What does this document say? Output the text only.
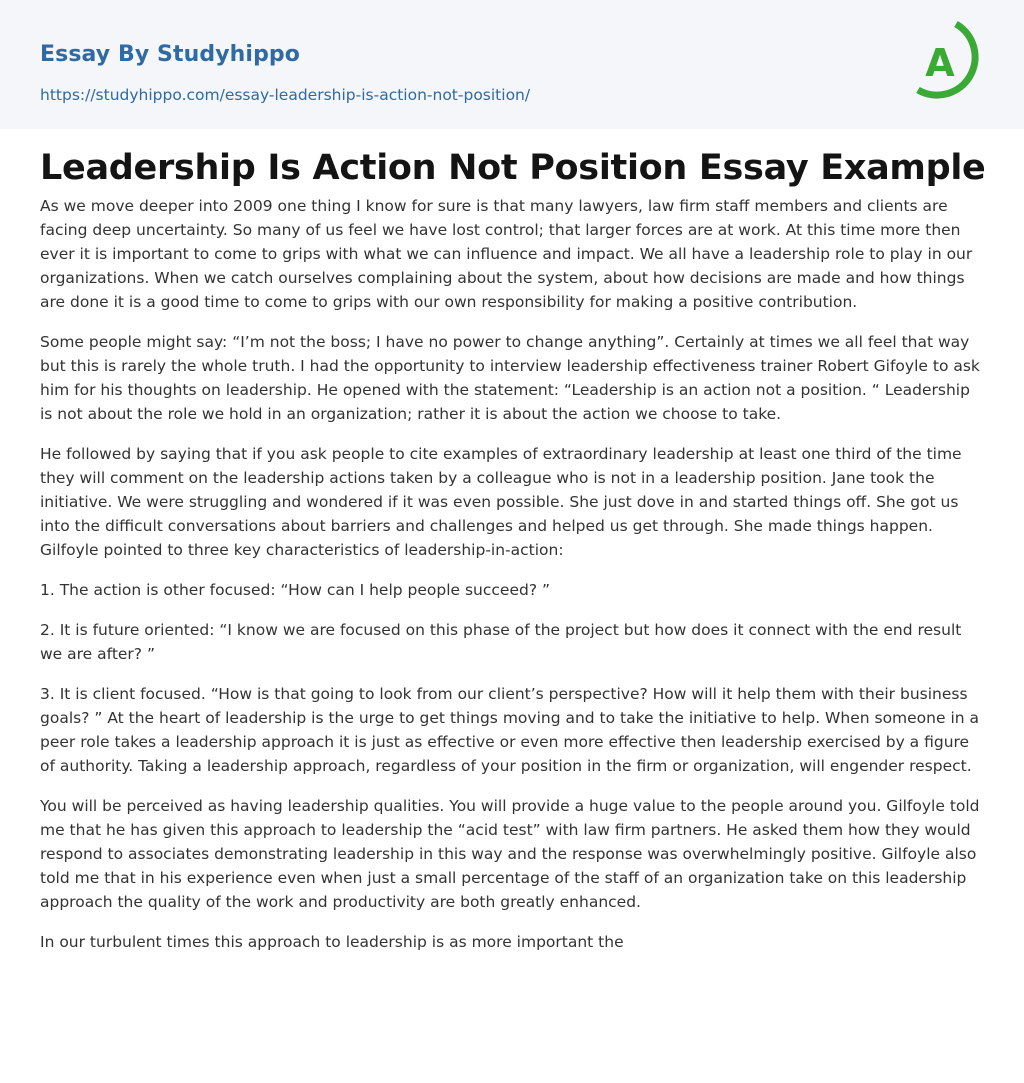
Essay By Studyhippo
https://studyhippo.com/essay-leadership-is-action-not-position/
A
Leadership Is Action Not Position Essay Example

As we move deeper into 2009 one thing I know for sure is that many lawyers, law firm staff members and clients are facing deep uncertainty. So many of us feel we have lost control; that larger forces are at work. At this time more then ever it is important to come to grips with what we can influence and impact. We all have a leadership role to play in our organizations. When we catch ourselves complaining about the system, about how decisions are made and how things are done it is a good time to come to grips with our own responsibility for making a positive contribution.

Some people might say: “I’m not the boss; I have no power to change anything”. Certainly at times we all feel that way but this is rarely the whole truth. I had the opportunity to interview leadership effectiveness trainer Robert Gifoyle to ask him for his thoughts on leadership. He opened with the statement: “Leadership is an action not a position. “ Leadership is not about the role we hold in an organization; rather it is about the action we choose to take.

He followed by saying that if you ask people to cite examples of extraordinary leadership at least one third of the time they will comment on the leadership actions taken by a colleague who is not in a leadership position. Jane took the initiative. We were struggling and wondered if it was even possible. She just dove in and started things off. She got us into the difficult conversations about barriers and challenges and helped us get through. She made things happen. Gilfoyle pointed to three key characteristics of leadership-in-action:

1. The action is other focused: “How can I help people succeed? ”

2. It is future oriented: “I know we are focused on this phase of the project but how does it connect with the end result we are after? ”

3. It is client focused. “How is that going to look from our client’s perspective? How will it help them with their business goals? ” At the heart of leadership is the urge to get things moving and to take the initiative to help. When someone in a peer role takes a leadership approach it is just as effective or even more effective then leadership exercised by a figure of authority. Taking a leadership approach, regardless of your position in the firm or organization, will engender respect.

You will be perceived as having leadership qualities. You will provide a huge value to the people around you. Gilfoyle told me that he has given this approach to leadership the “acid test” with law firm partners. He asked them how they would respond to associates demonstrating leadership in this way and the response was overwhelmingly positive. Gilfoyle also told me that in his experience even when just a small percentage of the staff of an organization take on this leadership approach the quality of the work and productivity are both greatly enhanced.

In our turbulent times this approach to leadership is as more important the
